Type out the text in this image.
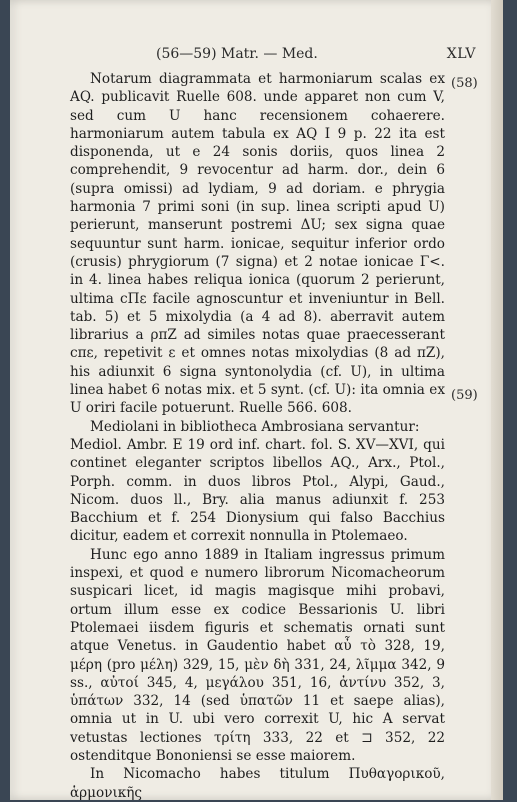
(56—59) Matr. — Med.	XLV
(58)
(59)

Notarum diagrammata et harmoniarum scalas ex AQ. publicavit Ruelle 608. unde apparet non cum V, sed cum U hanc recensionem cohaerere. harmoniarum autem tabula ex AQ I 9 p. 22 ita est disponenda, ut e 24 sonis doriis, quos linea 2 comprehendit, 9 revocentur ad harm. dor., dein 6 (supra omissi) ad lydiam, 9 ad doriam. e phrygia harmonia 7 primi soni (in sup. linea scripti apud U) perierunt, manserunt postremi ΔU; sex signa quae sequuntur sunt harm. ionicae, sequitur inferior ordo (crusis) phrygiorum (7 signa) et 2 notae ionicae Γ<. in 4. linea habes reliqua ionica (quorum 2 perierunt, ultima cΠε facile agnoscuntur et inveniuntur in Bell. tab. 5) et 5 mixolydia (a 4 ad 8). aberravit autem librarius a ρπZ ad similes notas quae praecesserant cπε, repetivit ε et omnes notas mixolydias (8 ad πZ), his adiunxit 6 signa syntonolydia (cf. U), in ultima linea habet 6 notas mix. et 5 synt. (cf. U): ita omnia ex U oriri facile potuerunt. Ruelle 566. 608.

Mediolani in bibliotheca Ambrosiana servantur:

Mediol. Ambr. E 19 ord inf. chart. fol. S. XV—XVI, qui continet eleganter scriptos libellos AQ., Arx., Ptol., Porph. comm. in duos libros Ptol., Alypi, Gaud., Nicom. duos ll., Bry. alia manus adiunxit f. 253 Bacchium et f. 254 Dionysium qui falso Bacchius dicitur, eadem et correxit nonnulla in Ptolemaeo.

Hunc ego anno 1889 in Italiam ingressus primum inspexi, et quod e numero librorum Nicomacheorum suspicari licet, id magis magisque mihi probavi, ortum illum esse ex codice Bessarionis U. libri Ptolemaei iisdem figuris et schematis ornati sunt atque Venetus. in Gaudentio habet αὖ τὸ 328, 19, μέρη (pro μέλη) 329, 15, μὲν δὴ 331, 24, λῖμμα 342, 9 ss., αὐτοί 345, 4, μεγάλου 351, 16, ἀντίνυ 352, 3, ὑπάτων 332, 14 (sed ὑπατῶν 11 et saepe alias), omnia ut in U. ubi vero correxit U, hic A servat vetustas lectiones τρίτη 333, 22 et ⊐ 352, 22 ostenditque Bononiensi se esse maiorem.

In Nicomacho habes titulum Πυθαγορικοῦ, ἁρμονικῆς
